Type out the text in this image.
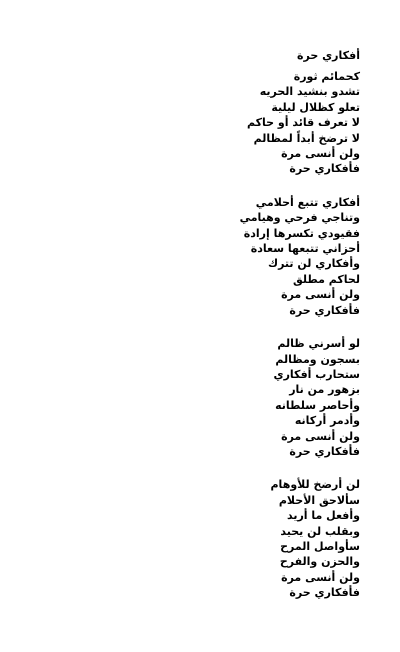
أفكاري حرة
كحمائم ثورة
تشدو بنشيد الحريه
تعلو كظلال ليلية
لا تعرف قائد أو حاكم
لا ترضخ أبداً لمظالم
ولن أنسى مرة
فأفكاري حرة
أفكاري تتبع أحلامي
وتناجي فرحي وهيامي
فقيودي تكسرها إرادة
أحزاني تتبعها سعادة
وأفكاري لن تترك
لحاكم مطلق
ولن أنسى مرة
فأفكاري حرة
لو أسرني ظالم
بسجون ومظالم
ستحارب أفكاري
بزهور من نار
وأحاصر سلطانه
وأدمر أركانه
ولن أنسى مرة
فأفكاري حرة
لن أرضخ للأوهام
سألاحق الأحلام
وأفعل ما أريد
وبقلب لن يحيد
سأواصل المرح
والحزن والفرح
ولن أنسى مرة
فأفكاري حرة
